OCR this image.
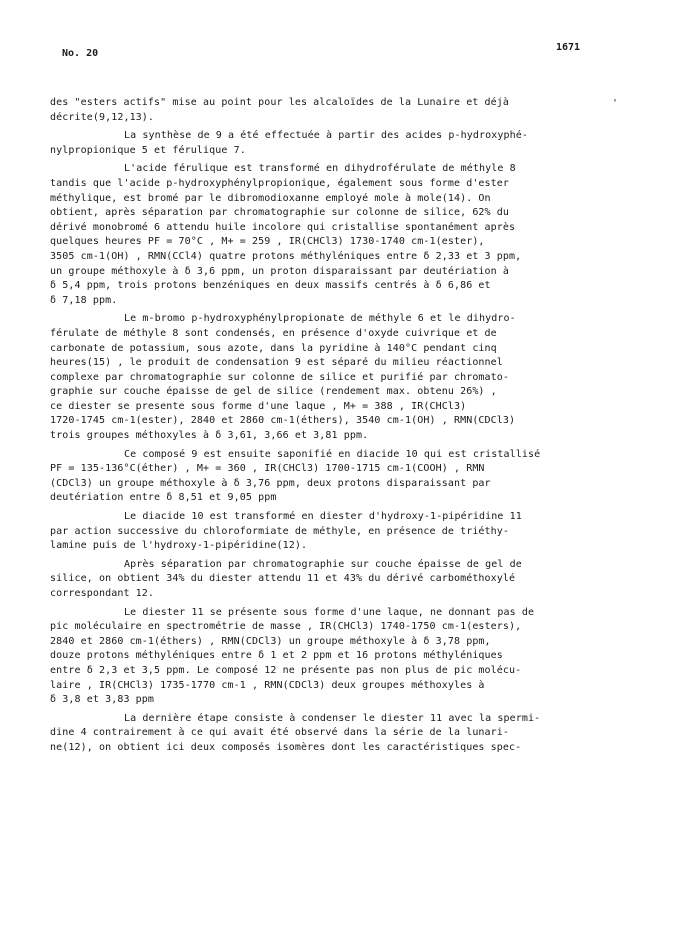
No. 20
1671
'
des "esters actifs" mise au point pour les alcaloïdes de la Lunaire et déjà
décrite(9,12,13).
La synthèse de 9 a été effectuée à partir des acides p-hydroxyphé-
nylpropionique 5 et férulique 7.
L'acide férulique est transformé en dihydroférulate de méthyle 8
tandis que l'acide p-hydroxyphénylpropionique, également sous forme d'ester
méthylique, est bromé par le dibromodioxanne employé mole à mole(14). On
obtient, après séparation par chromatographie sur colonne de silice, 62% du
dérivé monobromé 6 attendu huile incolore qui cristallise spontanément après
quelques heures PF = 70°C , M+ = 259 , IR(CHCl3) 1730-1740 cm-1(ester),
3505 cm-1(OH) , RMN(CCl4) quatre protons méthyléniques entre δ 2,33 et 3 ppm,
un groupe méthoxyle à δ 3,6 ppm, un proton disparaissant par deutériation à
δ 5,4 ppm, trois protons benzéniques en deux massifs centrés à δ 6,86 et
δ 7,18 ppm.
Le m-bromo p-hydroxyphénylpropionate de méthyle 6 et le dihydro-
férulate de méthyle 8 sont condensés, en présence d'oxyde cuivrique et de
carbonate de potassium, sous azote, dans la pyridine à 140°C pendant cinq
heures(15) , le produit de condensation 9 est séparé du milieu réactionnel
complexe par chromatographie sur colonne de silice et purifié par chromato-
graphie sur couche épaisse de gel de silice (rendement max. obtenu 26%) ,
ce diester se presente sous forme d'une laque , M+ = 388 , IR(CHCl3)
1720-1745 cm-1(ester), 2840 et 2860 cm-1(éthers), 3540 cm-1(OH) , RMN(CDCl3)
trois groupes méthoxyles à δ 3,61, 3,66 et 3,81 ppm.
Ce composé 9 est ensuite saponifié en diacide 10 qui est cristallisé
PF = 135-136°C(éther) , M+ = 360 , IR(CHCl3) 1700-1715 cm-1(COOH) , RMN
(CDCl3) un groupe méthoxyle à δ 3,76 ppm, deux protons disparaissant par
deutériation entre δ 8,51 et 9,05 ppm
Le diacide 10 est transformé en diester d'hydroxy-1-pipéridine 11
par action successive du chloroformiate de méthyle, en présence de triéthy-
lamine puis de l'hydroxy-1-pipéridine(12).
Après séparation par chromatographie sur couche épaisse de gel de
silice, on obtient 34% du diester attendu 11 et 43% du dérivé carbométhoxylé
correspondant 12.
Le diester 11 se présente sous forme d'une laque, ne donnant pas de
pic moléculaire en spectrométrie de masse , IR(CHCl3) 1740-1750 cm-1(esters),
2840 et 2860 cm-1(éthers) , RMN(CDCl3) un groupe méthoxyle à δ 3,78 ppm,
douze protons méthyléniques entre δ 1 et 2 ppm et 16 protons méthyléniques
entre δ 2,3 et 3,5 ppm. Le composé 12 ne présente pas non plus de pic molécu-
laire , IR(CHCl3) 1735-1770 cm-1 , RMN(CDCl3) deux groupes méthoxyles à
δ 3,8 et 3,83 ppm
La dernière étape consiste à condenser le diester 11 avec la spermi-
dine 4 contrairement à ce qui avait été observé dans la série de la lunari-
ne(12), on obtient ici deux composés isomères dont les caractéristiques spec-
